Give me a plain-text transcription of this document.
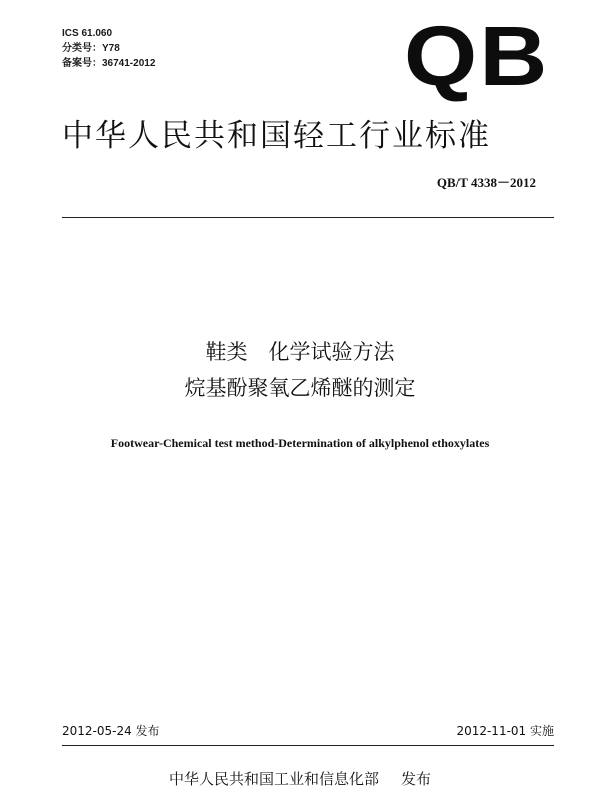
ICS 61.060
分类号：Y78
备案号：36741-2012	QB
中华人民共和国轻工行业标准
QB/T 4338－2012
鞋类　化学试验方法
烷基酚聚氧乙烯醚的测定
Footwear-Chemical test method-Determination of alkylphenol ethoxylates
2012-05-24 发布	2012-11-01 实施
中华人民共和国工业和信息化部 发布
